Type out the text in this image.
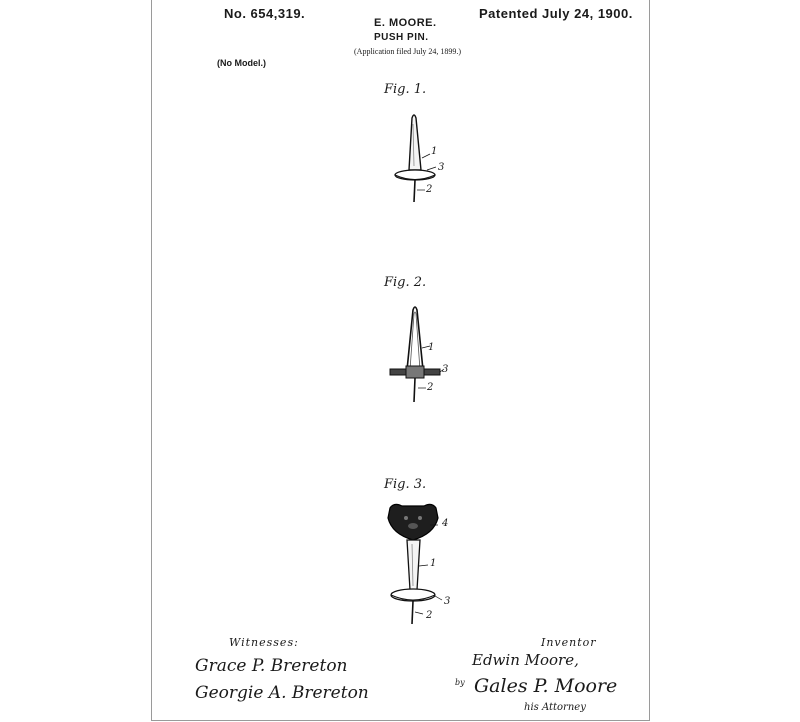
No. 654,319.	Patented July 24, 1900.
E. MOORE.
PUSH PIN.
(Application filed July 24, 1899.)
(No Model.)
Fig. 1.
1
3
2
Fig. 2.
1
3
2
Fig. 3.
4
1
3
2
Witnesses:
Grace P. Brereton
Georgie A. Brereton
Inventor
Edwin Moore,
by Gales P. Moore
his Attorney
